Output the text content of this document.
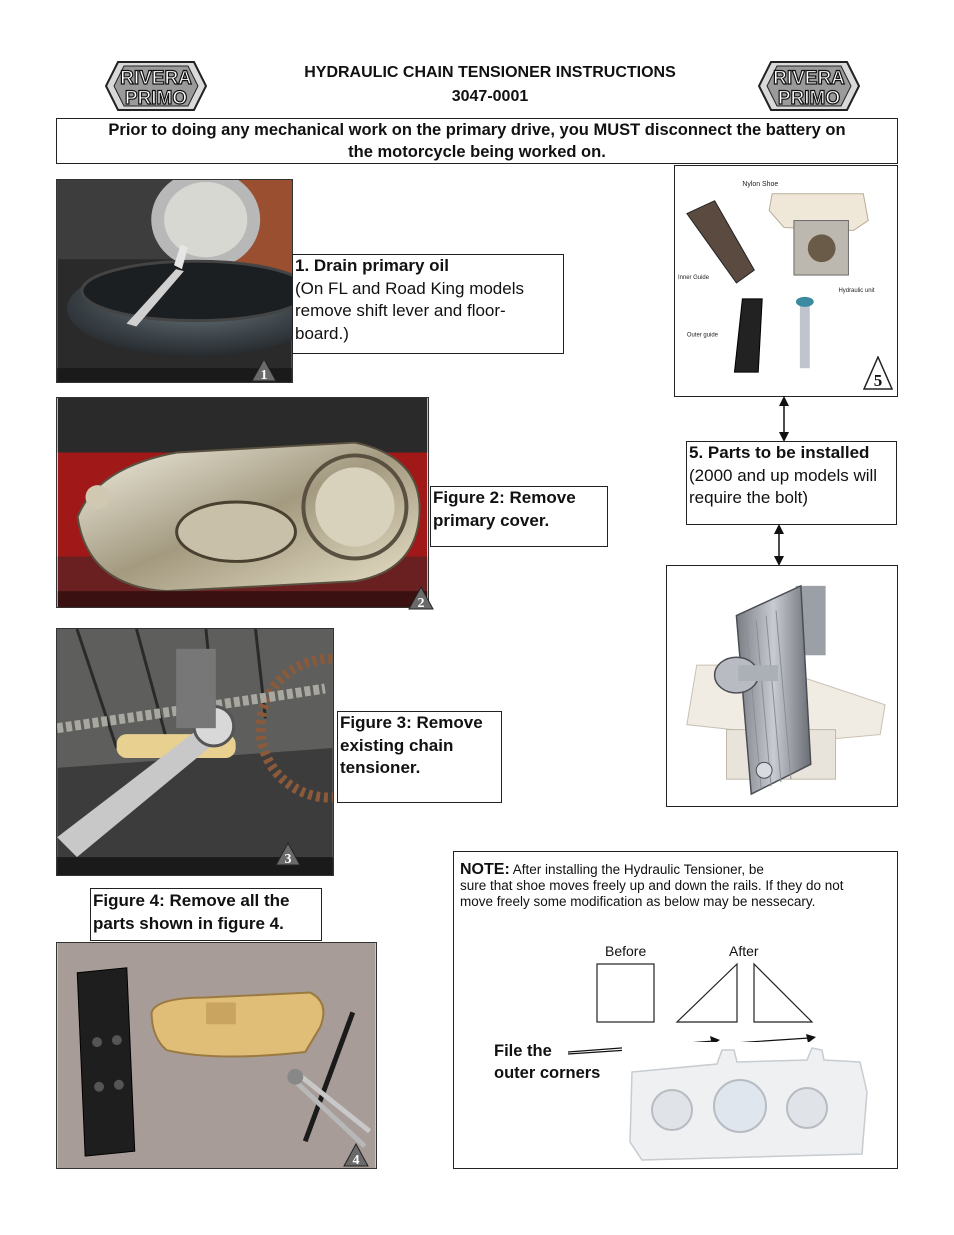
RIVERA
PRIMO
RIVERA
PRIMO
HYDRAULIC CHAIN TENSIONER INSTRUCTIONS
3047-0001
Prior to doing any mechanical work on the primary drive, you MUST disconnect the battery on
the motorcycle being worked on.
1
1. Drain primary oil
(On FL and Road King models
remove shift lever and floor-
board.)
2
Figure 2: Remove
primary cover.
3
Figure 3: Remove
existing chain
tensioner.
Figure 4: Remove all the
parts shown in figure 4.
4
Nylon Shoe
Inner Guide
Hydraulic unit
Outer guide
5
5. Parts to be installed
(2000 and up models will
require the bolt)
NOTE: After installing the Hydraulic Tensioner, be
sure that shoe moves freely up and down the rails. If they do not
move freely some modification as below may be nessecary.
Before	After
File the
outer corners
